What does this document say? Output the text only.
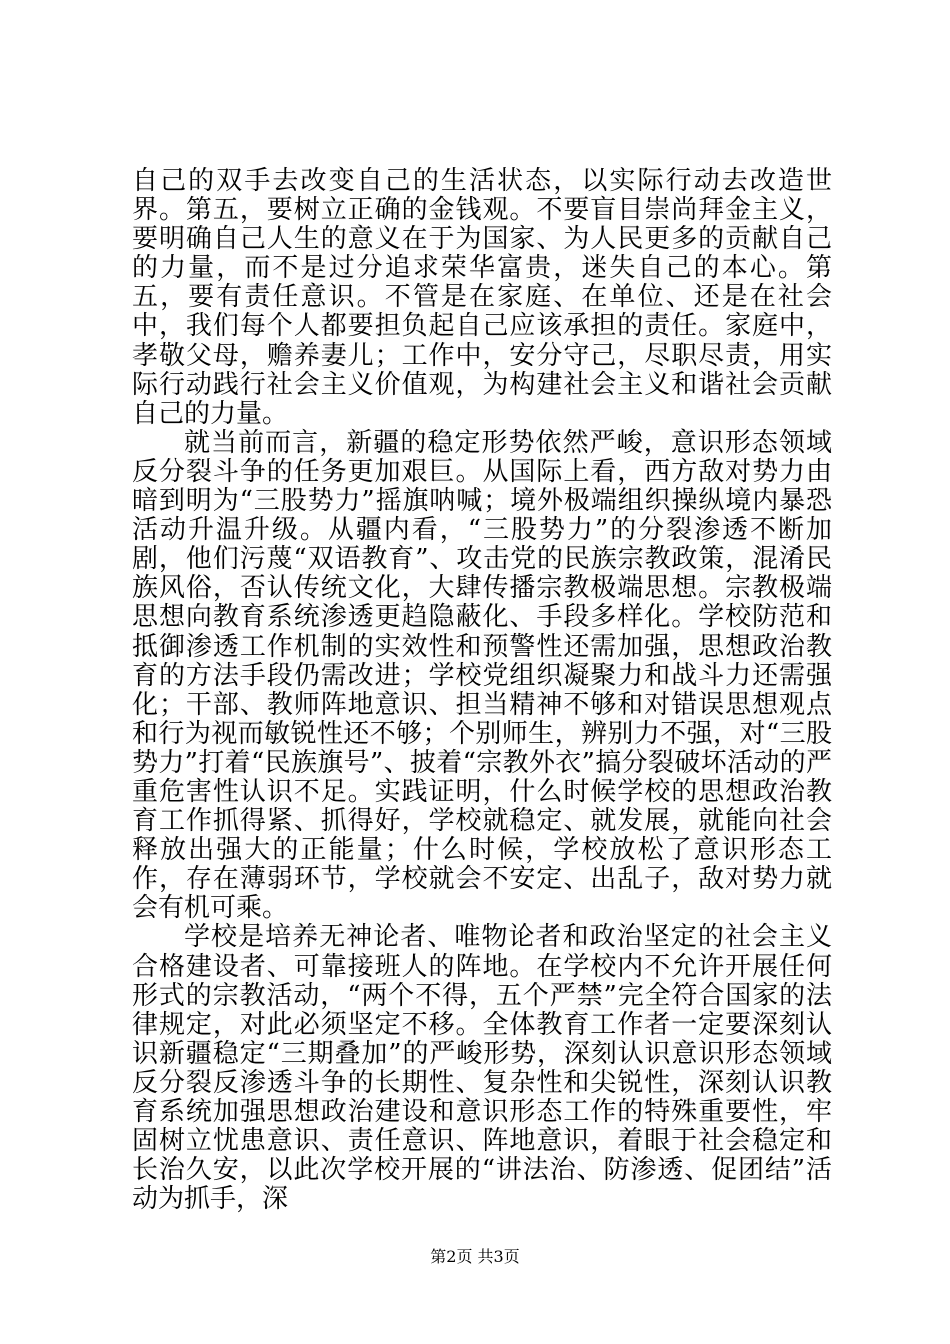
自己的双手去改变自己的生活状态，以实际行动去改造世界。第五，要树立正确的金钱观。不要盲目崇尚拜金主义，要明确自己人生的意义在于为国家、为人民更多的贡献自己的力量，而不是过分追求荣华富贵，迷失自己的本心。第五，要有责任意识。不管是在家庭、在单位、还是在社会中，我们每个人都要担负起自己应该承担的责任。家庭中，孝敬父母，赡养妻儿；工作中，安分守己，尽职尽责，用实际行动践行社会主义价值观，为构建社会主义和谐社会贡献自己的力量。

就当前而言，新疆的稳定形势依然严峻，意识形态领域反分裂斗争的任务更加艰巨。从国际上看，西方敌对势力由暗到明为“三股势力”摇旗呐喊；境外极端组织操纵境内暴恐活动升温升级。从疆内看，“三股势力”的分裂渗透不断加剧，他们污蔑“双语教育”、攻击党的民族宗教政策，混淆民族风俗，否认传统文化，大肆传播宗教极端思想。宗教极端思想向教育系统渗透更趋隐蔽化、手段多样化。学校防范和抵御渗透工作机制的实效性和预警性还需加强，思想政治教育的方法手段仍需改进；学校党组织凝聚力和战斗力还需强化；干部、教师阵地意识、担当精神不够和对错误思想观点和行为视而敏锐性还不够；个别师生，辨别力不强，对“三股势力”打着“民族旗号”、披着“宗教外衣”搞分裂破坏活动的严重危害性认识不足。实践证明，什么时候学校的思想政治教育工作抓得紧、抓得好，学校就稳定、就发展，就能向社会释放出强大的正能量；什么时候，学校放松了意识形态工作，存在薄弱环节，学校就会不安定、出乱子，敌对势力就会有机可乘。

学校是培养无神论者、唯物论者和政治坚定的社会主义合格建设者、可靠接班人的阵地。在学校内不允许开展任何形式的宗教活动，“两个不得，五个严禁”完全符合国家的法律规定，对此必须坚定不移。全体教育工作者一定要深刻认识新疆稳定“三期叠加”的严峻形势，深刻认识意识形态领域反分裂反渗透斗争的长期性、复杂性和尖锐性，深刻认识教育系统加强思想政治建设和意识形态工作的特殊重要性，牢固树立忧患意识、责任意识、阵地意识，着眼于社会稳定和长治久安，以此次学校开展的“讲法治、防渗透、促团结”活动为抓手，深

第2页 共3页
